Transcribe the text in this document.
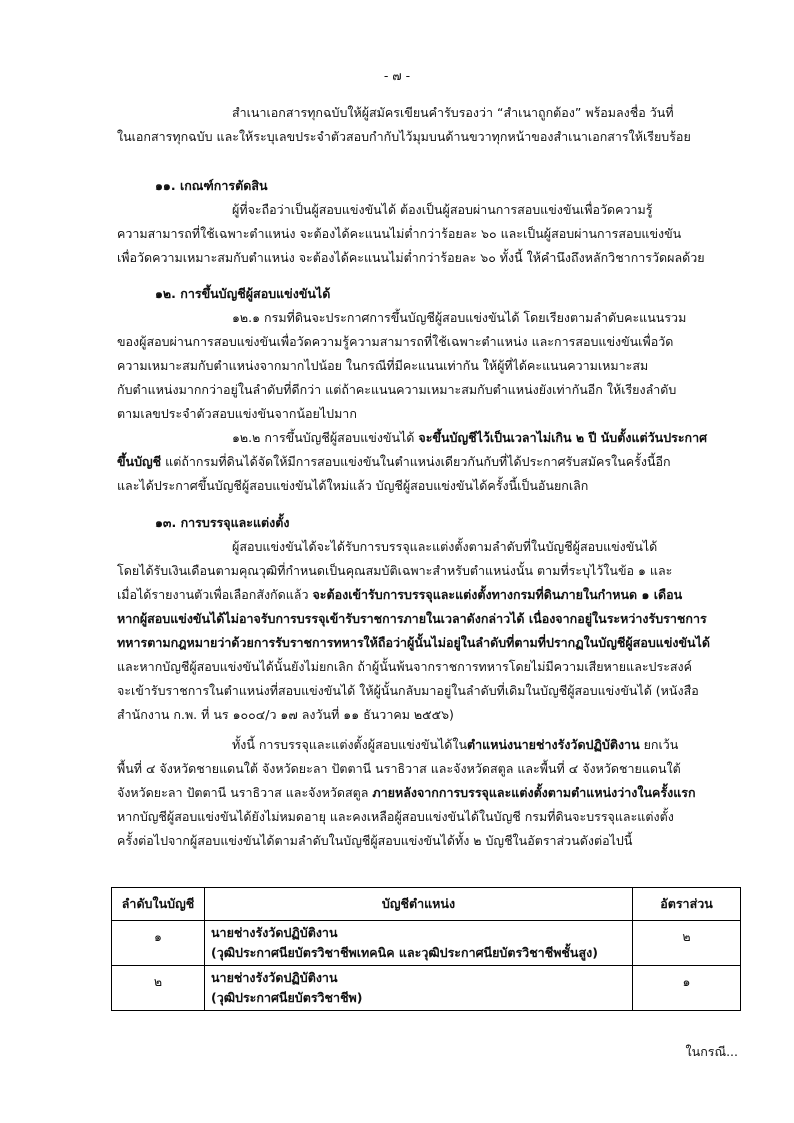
- ๗ -
สำเนาเอกสารทุกฉบับให้ผู้สมัครเขียนคำรับรองว่า “สำเนาถูกต้อง” พร้อมลงชื่อ วันที่
ในเอกสารทุกฉบับ และให้ระบุเลขประจำตัวสอบกำกับไว้มุมบนด้านขวาทุกหน้าของสำเนาเอกสารให้เรียบร้อย
๑๑. เกณฑ์การตัดสิน
ผู้ที่จะถือว่าเป็นผู้สอบแข่งขันได้ ต้องเป็นผู้สอบผ่านการสอบแข่งขันเพื่อวัดความรู้
ความสามารถที่ใช้เฉพาะตำแหน่ง จะต้องได้คะแนนไม่ต่ำกว่าร้อยละ ๖๐ และเป็นผู้สอบผ่านการสอบแข่งขัน
เพื่อวัดความเหมาะสมกับตำแหน่ง จะต้องได้คะแนนไม่ต่ำกว่าร้อยละ ๖๐ ทั้งนี้ ให้คำนึงถึงหลักวิชาการวัดผลด้วย
๑๒. การขึ้นบัญชีผู้สอบแข่งขันได้
๑๒.๑ กรมที่ดินจะประกาศการขึ้นบัญชีผู้สอบแข่งขันได้ โดยเรียงตามลำดับคะแนนรวม
ของผู้สอบผ่านการสอบแข่งขันเพื่อวัดความรู้ความสามารถที่ใช้เฉพาะตำแหน่ง และการสอบแข่งขันเพื่อวัด
ความเหมาะสมกับตำแหน่งจากมากไปน้อย ในกรณีที่มีคะแนนเท่ากัน ให้ผู้ที่ได้คะแนนความเหมาะสม
กับตำแหน่งมากกว่าอยู่ในลำดับที่ดีกว่า แต่ถ้าคะแนนความเหมาะสมกับตำแหน่งยังเท่ากันอีก ให้เรียงลำดับ
ตามเลขประจำตัวสอบแข่งขันจากน้อยไปมาก
๑๒.๒ การขึ้นบัญชีผู้สอบแข่งขันได้ จะขึ้นบัญชีไว้เป็นเวลาไม่เกิน ๒ ปี นับตั้งแต่วันประกาศ
ขึ้นบัญชี แต่ถ้ากรมที่ดินได้จัดให้มีการสอบแข่งขันในตำแหน่งเดียวกันกับที่ได้ประกาศรับสมัครในครั้งนี้อีก
และได้ประกาศขึ้นบัญชีผู้สอบแข่งขันได้ใหม่แล้ว บัญชีผู้สอบแข่งขันได้ครั้งนี้เป็นอันยกเลิก
๑๓. การบรรจุและแต่งตั้ง
ผู้สอบแข่งขันได้จะได้รับการบรรจุและแต่งตั้งตามลำดับที่ในบัญชีผู้สอบแข่งขันได้
โดยได้รับเงินเดือนตามคุณวุฒิที่กำหนดเป็นคุณสมบัติเฉพาะสำหรับตำแหน่งนั้น ตามที่ระบุไว้ในข้อ ๑ และ
เมื่อได้รายงานตัวเพื่อเลือกสังกัดแล้ว จะต้องเข้ารับการบรรจุและแต่งตั้งทางกรมที่ดินภายในกำหนด ๑ เดือน
หากผู้สอบแข่งขันได้ไม่อาจรับการบรรจุเข้ารับราชการภายในเวลาดังกล่าวได้ เนื่องจากอยู่ในระหว่างรับราชการ
ทหารตามกฎหมายว่าด้วยการรับราชการทหารให้ถือว่าผู้นั้นไม่อยู่ในลำดับที่ตามที่ปรากฏในบัญชีผู้สอบแข่งขันได้
และหากบัญชีผู้สอบแข่งขันได้นั้นยังไม่ยกเลิก ถ้าผู้นั้นพ้นจากราชการทหารโดยไม่มีความเสียหายและประสงค์
จะเข้ารับราชการในตำแหน่งที่สอบแข่งขันได้ ให้ผู้นั้นกลับมาอยู่ในลำดับที่เดิมในบัญชีผู้สอบแข่งขันได้ (หนังสือ
สำนักงาน ก.พ. ที่ นร ๑๐๐๔/ว ๑๗ ลงวันที่ ๑๑ ธันวาคม ๒๕๕๖)
ทั้งนี้ การบรรจุและแต่งตั้งผู้สอบแข่งขันได้ในตำแหน่งนายช่างรังวัดปฏิบัติงาน ยกเว้น
พื้นที่ ๔ จังหวัดชายแดนใต้ จังหวัดยะลา ปัตตานี นราธิวาส และจังหวัดสตูล และพื้นที่ ๔ จังหวัดชายแดนใต้
จังหวัดยะลา ปัตตานี นราธิวาส และจังหวัดสตูล ภายหลังจากการบรรจุและแต่งตั้งตามตำแหน่งว่างในครั้งแรก
หากบัญชีผู้สอบแข่งขันได้ยังไม่หมดอายุ และคงเหลือผู้สอบแข่งขันได้ในบัญชี กรมที่ดินจะบรรจุและแต่งตั้ง
ครั้งต่อไปจากผู้สอบแข่งขันได้ตามลำดับในบัญชีผู้สอบแข่งขันได้ทั้ง ๒ บัญชีในอัตราส่วนดังต่อไปนี้
ลำดับในบัญชี	บัญชีตำแหน่ง	อัตราส่วน
๑	นายช่างรังวัดปฏิบัติงาน
(วุฒิประกาศนียบัตรวิชาชีพเทคนิค และวุฒิประกาศนียบัตรวิชาชีพชั้นสูง)	๒
๒	นายช่างรังวัดปฏิบัติงาน
(วุฒิประกาศนียบัตรวิชาชีพ)	๑
ในกรณี...
